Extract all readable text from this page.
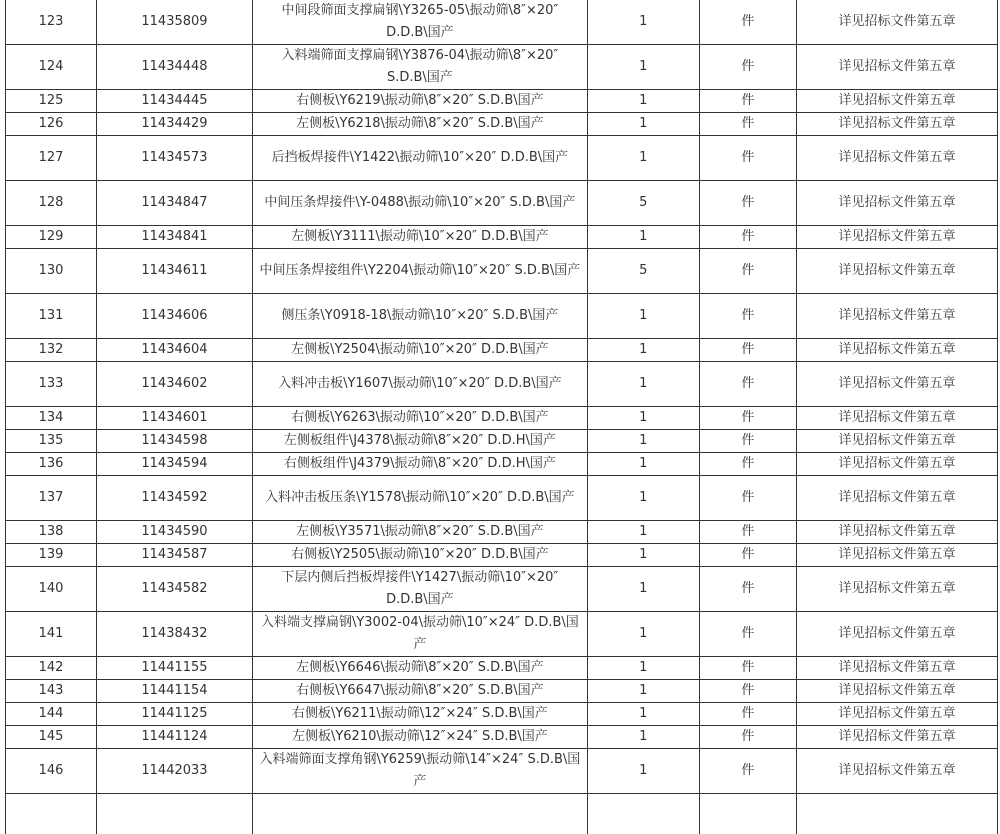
123	11435809	中间段筛面支撑扁钢\Y3265-05\振动筛\8″×20″ D.D.B\国产	1	件	详见招标文件第五章
124	11434448	入料端筛面支撑扁钢\Y3876-04\振动筛\8″×20″ S.D.B\国产	1	件	详见招标文件第五章
125	11434445	右侧板\Y6219\振动筛\8″×20″ S.D.B\国产	1	件	详见招标文件第五章
126	11434429	左侧板\Y6218\振动筛\8″×20″ S.D.B\国产	1	件	详见招标文件第五章
127	11434573	后挡板焊接件\Y1422\振动筛\10″×20″ D.D.B\国产	1	件	详见招标文件第五章
128	11434847	中间压条焊接件\Y-0488\振动筛\10″×20″ S.D.B\国产	5	件	详见招标文件第五章
129	11434841	左侧板\Y3111\振动筛\10″×20″ D.D.B\国产	1	件	详见招标文件第五章
130	11434611	中间压条焊接组件\Y2204\振动筛\10″×20″ S.D.B\国产	5	件	详见招标文件第五章
131	11434606	侧压条\Y0918-18\振动筛\10″×20″ S.D.B\国产	1	件	详见招标文件第五章
132	11434604	左侧板\Y2504\振动筛\10″×20″ D.D.B\国产	1	件	详见招标文件第五章
133	11434602	入料冲击板\Y1607\振动筛\10″×20″ D.D.B\国产	1	件	详见招标文件第五章
134	11434601	右侧板\Y6263\振动筛\10″×20″ D.D.B\国产	1	件	详见招标文件第五章
135	11434598	左侧板组件\J4378\振动筛\8″×20″ D.D.H\国产	1	件	详见招标文件第五章
136	11434594	右侧板组件\J4379\振动筛\8″×20″ D.D.H\国产	1	件	详见招标文件第五章
137	11434592	入料冲击板压条\Y1578\振动筛\10″×20″ D.D.B\国产	1	件	详见招标文件第五章
138	11434590	左侧板\Y3571\振动筛\8″×20″ S.D.B\国产	1	件	详见招标文件第五章
139	11434587	右侧板\Y2505\振动筛\10″×20″ D.D.B\国产	1	件	详见招标文件第五章
140	11434582	下层内侧后挡板焊接件\Y1427\振动筛\10″×20″ D.D.B\国产	1	件	详见招标文件第五章
141	11438432	入料端支撑扁钢\Y3002-04\振动筛\10″×24″ D.D.B\国产	1	件	详见招标文件第五章
142	11441155	左侧板\Y6646\振动筛\8″×20″ S.D.B\国产	1	件	详见招标文件第五章
143	11441154	右侧板\Y6647\振动筛\8″×20″ S.D.B\国产	1	件	详见招标文件第五章
144	11441125	右侧板\Y6211\振动筛\12″×24″ S.D.B\国产	1	件	详见招标文件第五章
145	11441124	左侧板\Y6210\振动筛\12″×24″ S.D.B\国产	1	件	详见招标文件第五章
146	11442033	入料端筛面支撑角钢\Y6259\振动筛\14″×24″ S.D.B\国产	1	件	详见招标文件第五章
